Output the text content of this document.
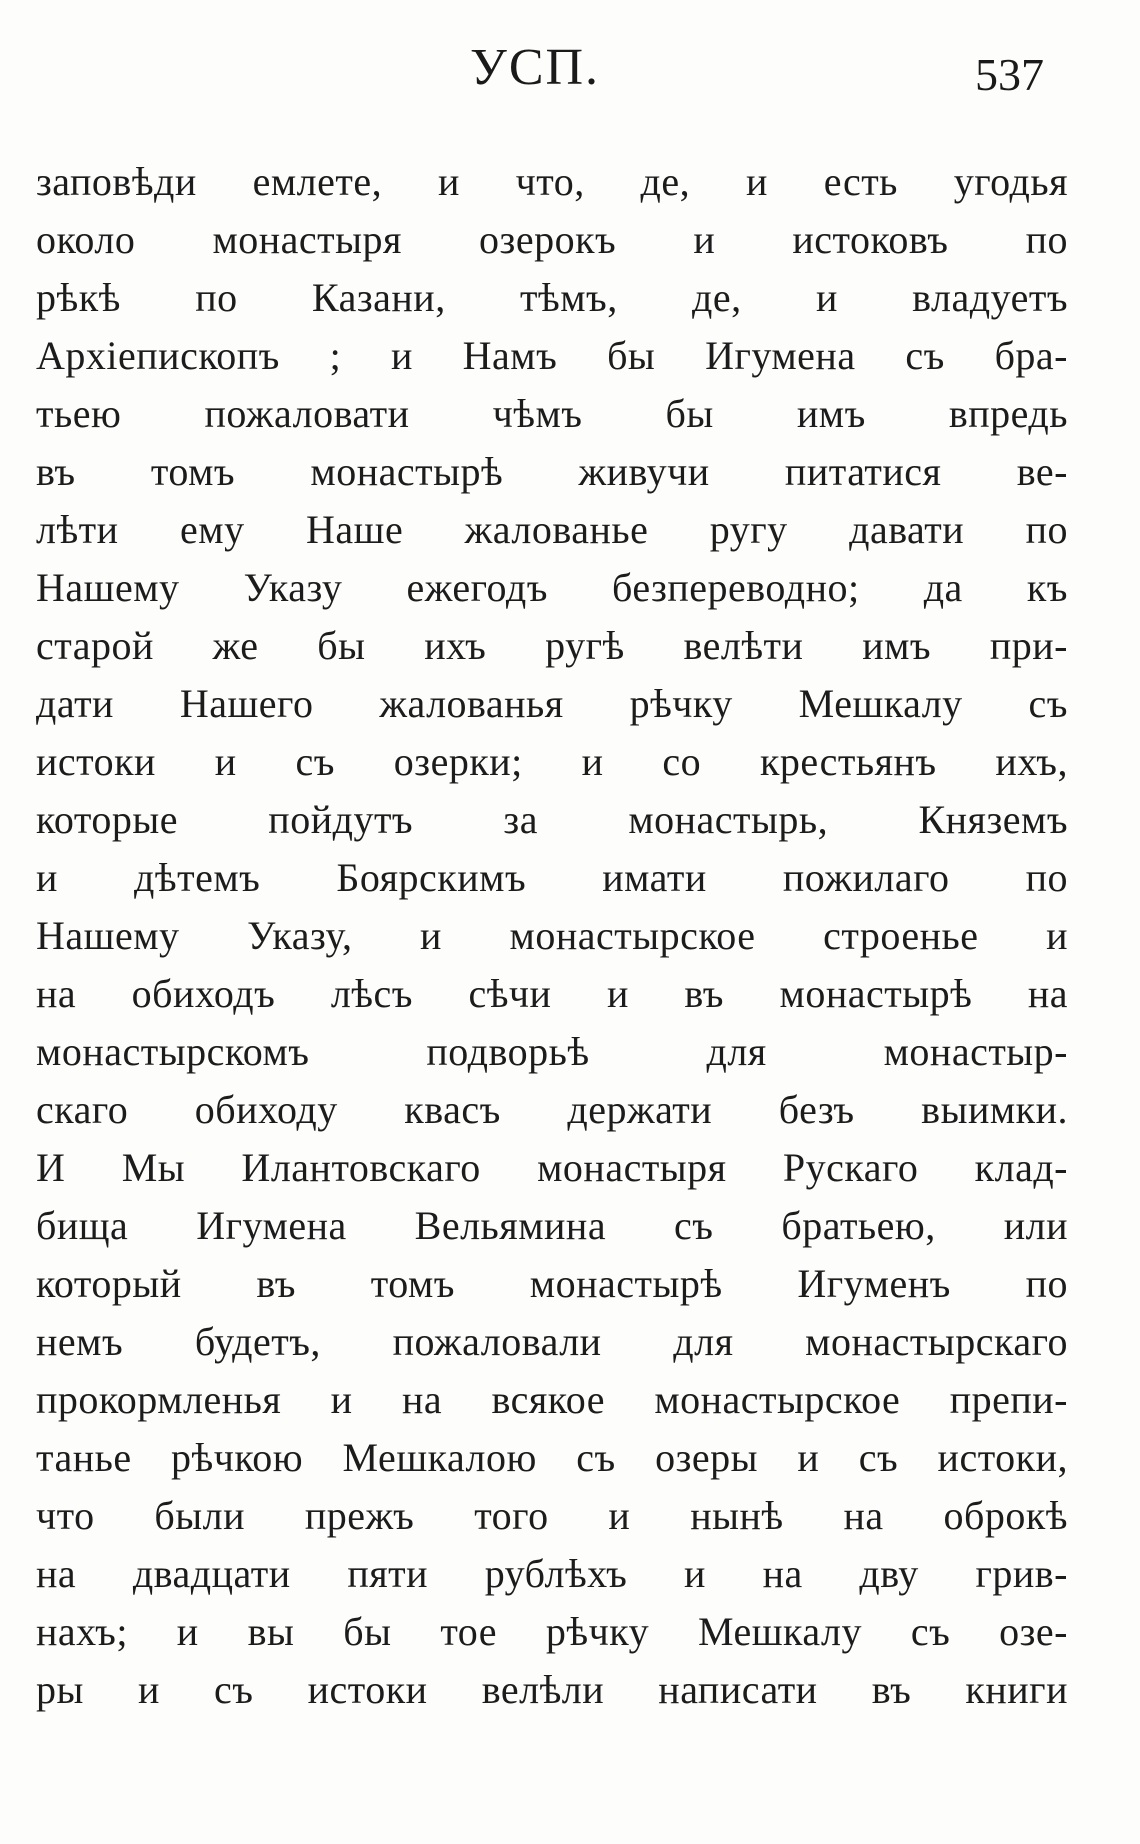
УСП.	537
заповѣди емлете, и что, де, и есть угодья
около монастыря озерокъ и истоковъ по
рѣкѣ по Казани, тѣмъ, де, и владуетъ
Архіепископъ ; и Намъ бы Игумена съ бра-
тьею пожаловати чѣмъ бы имъ впредь
въ томъ монастырѣ живучи питатися ве-
лѣти ему Наше жалованье ругу давати по
Нашему Указу ежегодъ безпереводно; да къ
старой же бы ихъ ругѣ велѣти имъ при-
дати Нашего жалованья рѣчку Мешкалу съ
истоки и съ озерки; и со крестьянъ ихъ,
которые пойдутъ за монастырь, Княземъ
и дѣтемъ Боярскимъ имати пожилаго по
Нашему Указу, и монастырское строенье и
на обиходъ лѣсъ сѣчи и въ монастырѣ на
монастырскомъ подворьѣ для монастыр-
скаго обиходу квасъ держати безъ выимки.
И Мы Илантовскаго монастыря Рускаго клад-
бища Игумена Вельямина съ братьею, или
который въ томъ монастырѣ Игуменъ по
немъ будетъ, пожаловали для монастырскаго
прокормленья и на всякое монастырское препи-
танье рѣчкою Мешкалою съ озеры и съ истоки,
что были прежъ того и нынѣ на оброкѣ
на двадцати пяти рублѣхъ и на дву грив-
нахъ; и вы бы тое рѣчку Мешкалу съ озе-
ры и съ истоки велѣли написати въ книги
